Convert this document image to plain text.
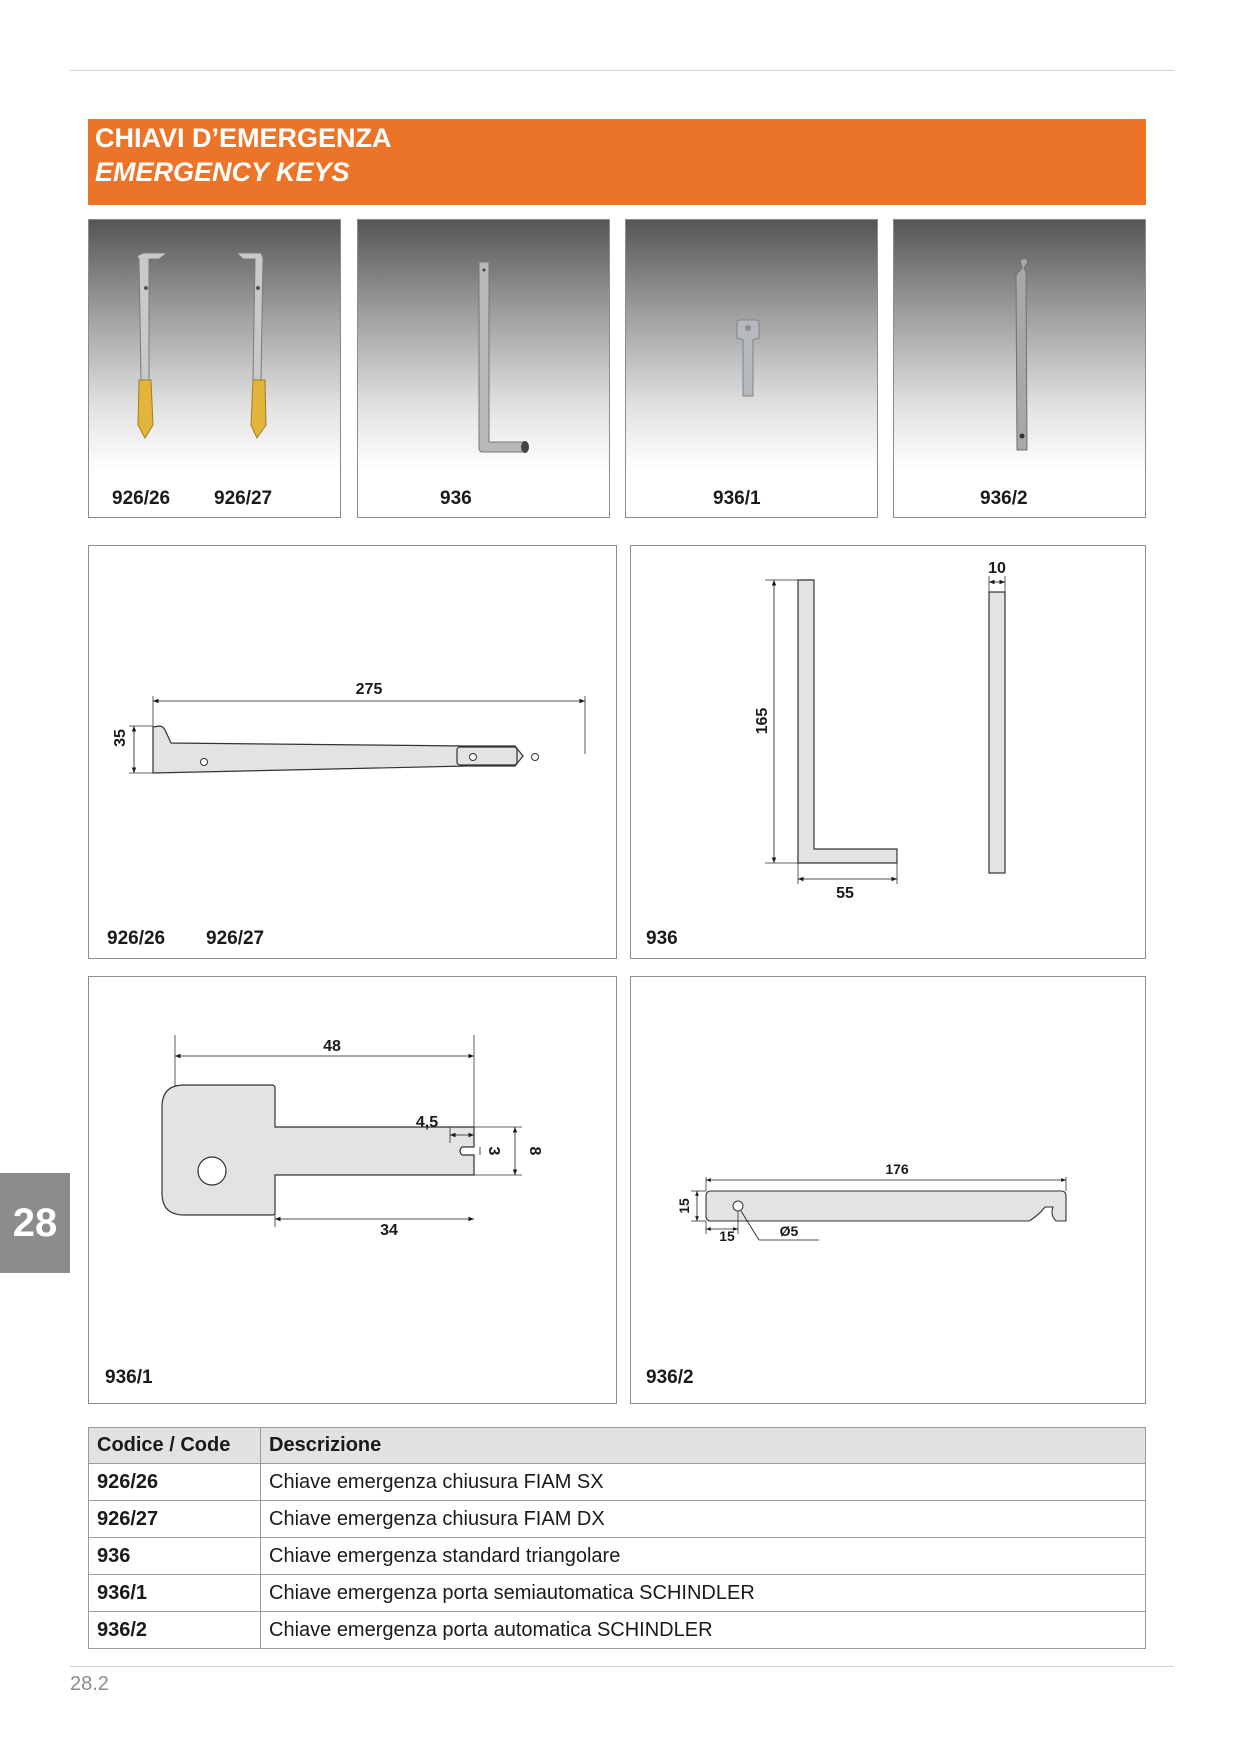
CHIAVI D’EMERGENZA
EMERGENCY KEYS
926/26 926/27	936	936/1	936/2
275
35
926/26 926/27
165
55
10
936
48
34
4,5
3 8
936/1
176
15
15	Ø5
936/2
28
Codice / Code	Descrizione
926/26	Chiave emergenza chiusura FIAM SX
926/27	Chiave emergenza chiusura FIAM DX
936	Chiave emergenza standard triangolare
936/1	Chiave emergenza porta semiautomatica SCHINDLER
936/2	Chiave emergenza porta automatica SCHINDLER
28.2
